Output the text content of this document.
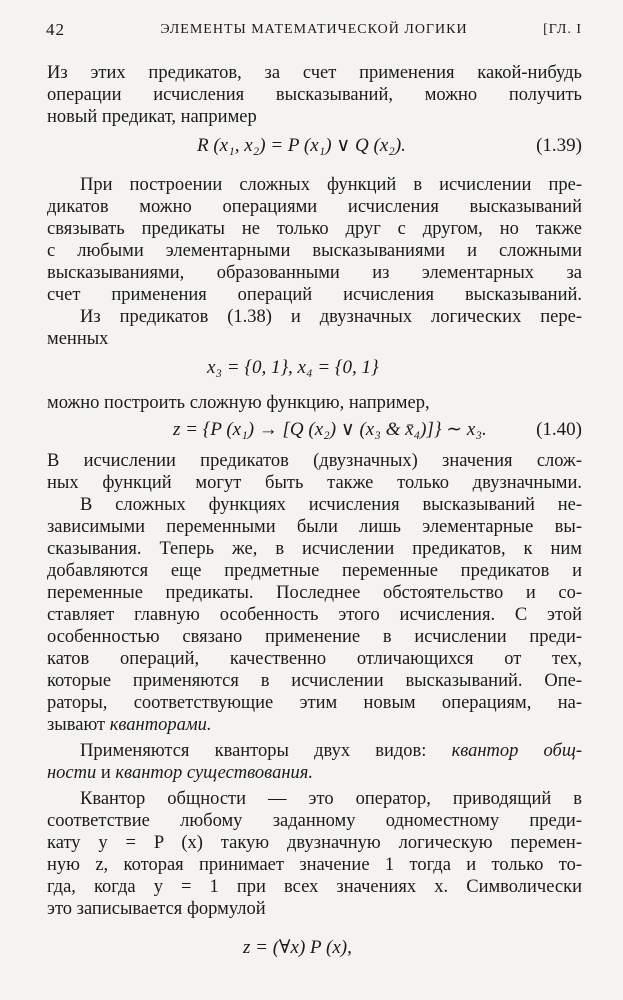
42	ЭЛЕМЕНТЫ МАТЕМАТИЧЕСКОЙ ЛОГИКИ	[ГЛ. I
Из этих предикатов, за счет применения какой-нибудь
операции исчисления высказываний, можно получить
новый предикат, например
R (x₁, x₂) = P (x₁) ∨ Q (x₂).	(1.39)
При построении сложных функций в исчислении пре-
дикатов можно операциями исчисления высказываний
связывать предикаты не только друг с другом, но также
с любыми элементарными высказываниями и сложными
высказываниями, образованными из элементарных за
счет применения операций исчисления высказываний.
Из предикатов (1.38) и двузначных логических пере-
менных
x₃ = {0, 1}, x₄ = {0, 1}
можно построить сложную функцию, например,
z = {P (x₁) → [Q (x₂) ∨ (x₃ & x̄₄)]} ∼ x₃.	(1.40)
В исчислении предикатов (двузначных) значения слож-
ных функций могут быть также только двузначными.
В сложных функциях исчисления высказываний не-
зависимыми переменными были лишь элементарные вы-
сказывания. Теперь же, в исчислении предикатов, к ним
добавляются еще предметные переменные предикатов и
переменные предикаты. Последнее обстоятельство и со-
ставляет главную особенность этого исчисления. С этой
особенностью связано применение в исчислении преди-
катов операций, качественно отличающихся от тех,
которые применяются в исчислении высказываний. Опе-
раторы, соответствующие этим новым операциям, на-
зывают кванторами.
Применяются кванторы двух видов: квантор общ-
ности и квантор существования.
Квантор общности — это оператор, приводящий в
соответствие любому заданному одноместному преди-
кату y = P (x) такую двузначную логическую перемен-
ную z, которая принимает значение 1 тогда и только то-
гда, когда y = 1 при всех значениях x. Символически
это записывается формулой
z = (∀x) P (x),
